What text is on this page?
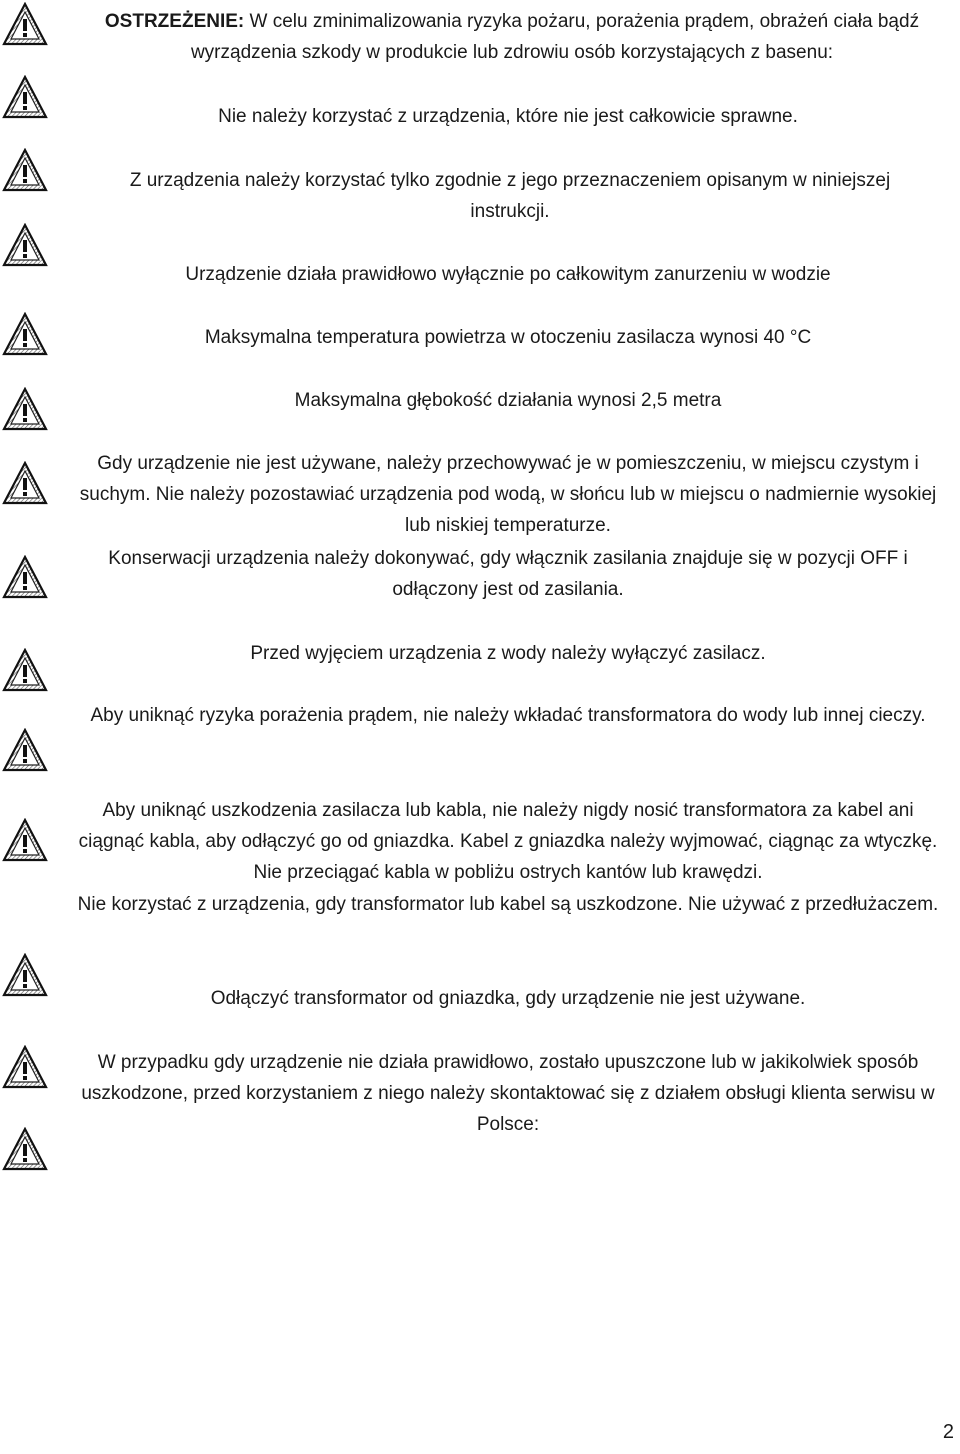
OSTRZEŻENIE: W celu zminimalizowania ryzyka pożaru, porażenia prądem, obrażeń ciała bądź wyrządzenia szkody w produkcie lub zdrowiu osób korzystających z basenu:

Nie należy korzystać z urządzenia, które nie jest całkowicie sprawne.

Z urządzenia należy korzystać tylko zgodnie z jego przeznaczeniem opisanym w niniejszej instrukcji.

Urządzenie działa prawidłowo wyłącznie po całkowitym zanurzeniu w wodzie

Maksymalna temperatura powietrza w otoczeniu zasilacza wynosi 40 °C

Maksymalna głębokość działania wynosi 2,5 metra

Gdy urządzenie nie jest używane, należy przechowywać je w pomieszczeniu, w miejscu czystym i suchym. Nie należy pozostawiać urządzenia pod wodą, w słońcu lub w miejscu o nadmiernie wysokiej lub niskiej temperaturze.

Konserwacji urządzenia należy dokonywać, gdy włącznik zasilania znajduje się w pozycji OFF i odłączony jest od zasilania.

Przed wyjęciem urządzenia z wody należy wyłączyć zasilacz.

Aby uniknąć ryzyka porażenia prądem, nie należy wkładać transformatora do wody lub innej cieczy.

Aby uniknąć uszkodzenia zasilacza lub kabla, nie należy nigdy nosić transformatora za kabel ani ciągnąć kabla, aby odłączyć go od gniazdka. Kabel z gniazdka należy wyjmować, ciągnąc za wtyczkę. Nie przeciągać kabla w pobliżu ostrych kantów lub krawędzi.

Nie korzystać z urządzenia, gdy transformator lub kabel są uszkodzone. Nie używać z przedłużaczem.

Odłączyć transformator od gniazdka, gdy urządzenie nie jest używane.

W przypadku gdy urządzenie nie działa prawidłowo, zostało upuszczone lub w jakikolwiek sposób uszkodzone, przed korzystaniem z niego należy skontaktować się z działem obsługi klienta serwisu w Polsce:

2
